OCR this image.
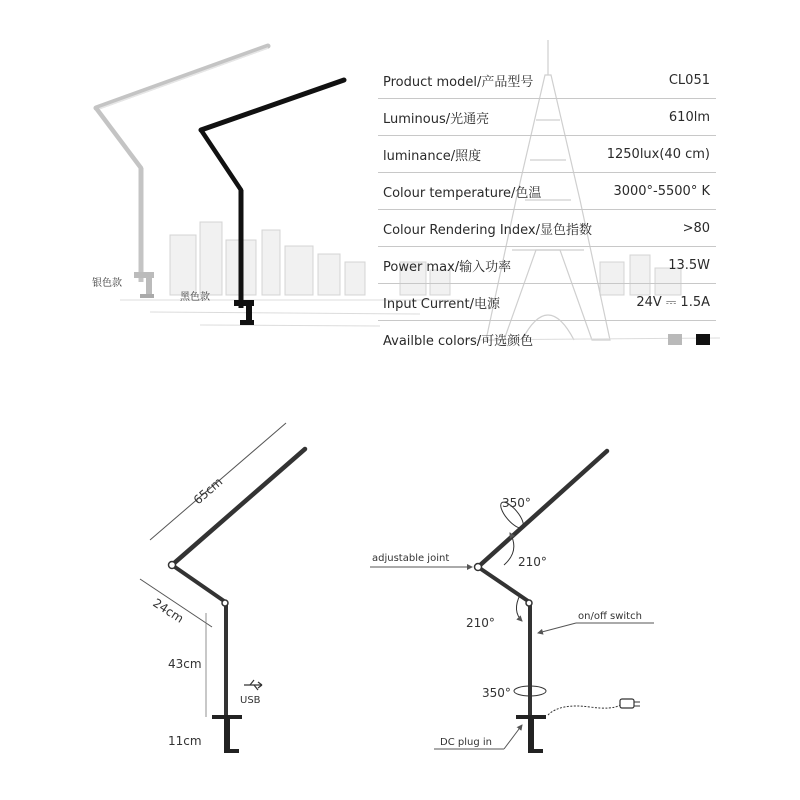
银色款
黑色款
Product model/产品型号	CL051
Luminous/光通亮	610lm
luminance/照度	1250lux(40 cm)
Colour temperature/色温	3000°-5500° K
Colour Rendering Index/显色指数	>80
Power max/输入功率	13.5W
Input Current/电源	24V ⎓ 1.5A
Availble colors/可选颜色
USB
65cm
24cm
43cm
11cm
350°
210°
210°
350°
adjustable joint
on/off switch
DC plug in
